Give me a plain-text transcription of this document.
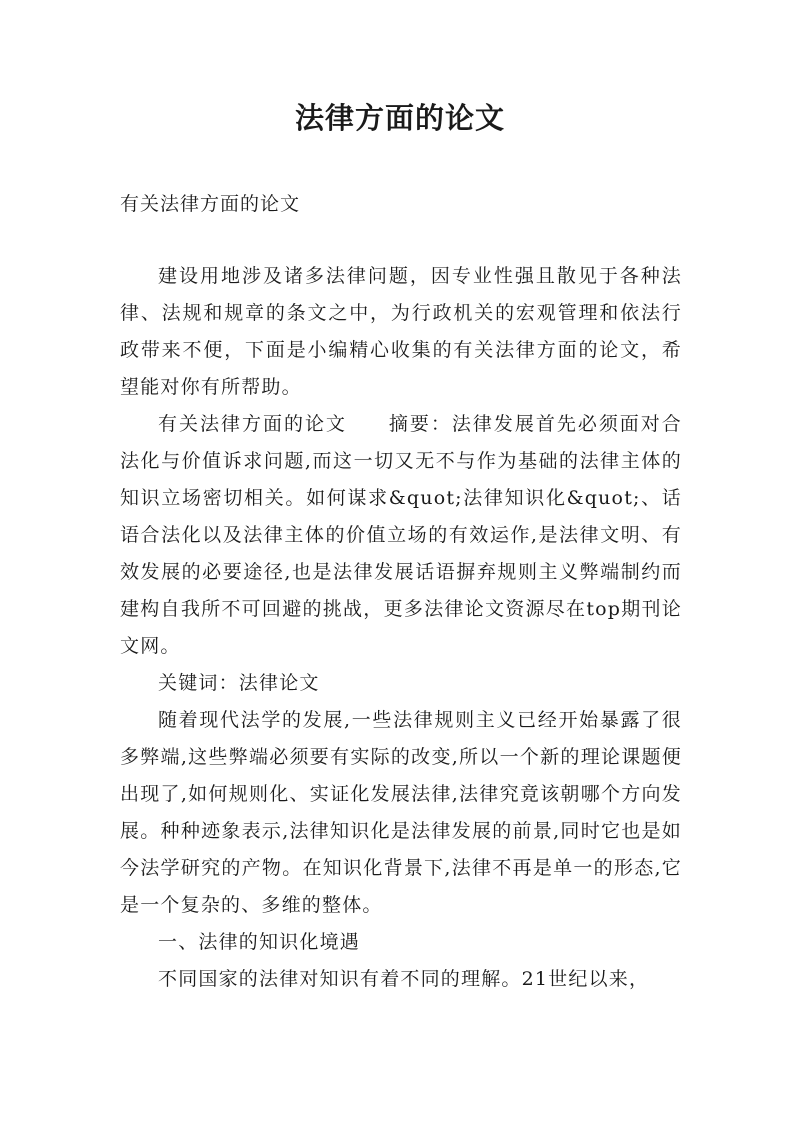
法律方面的论文
有关法律方面的论文

建设用地涉及诸多法律问题，因专业性强且散见于各种法律、法规和规章的条文之中，为行政机关的宏观管理和依法行政带来不便，下面是小编精心收集的有关法律方面的论文，希望能对你有所帮助。

有关法律方面的论文　　摘要：法律发展首先必须面对合法化与价值诉求问题,而这一切又无不与作为基础的法律主体的知识立场密切相关。如何谋求&quot;法律知识化&quot;、话语合法化以及法律主体的价值立场的有效运作,是法律文明、有效发展的必要途径,也是法律发展话语摒弃规则主义弊端制约而建构自我所不可回避的挑战，更多法律论文资源尽在top期刊论文网。

关键词：法律论文

随着现代法学的发展,一些法律规则主义已经开始暴露了很多弊端,这些弊端必须要有实际的改变,所以一个新的理论课题便出现了,如何规则化、实证化发展法律,法律究竟该朝哪个方向发展。种种迹象表示,法律知识化是法律发展的前景,同时它也是如今法学研究的产物。在知识化背景下,法律不再是单一的形态,它是一个复杂的、多维的整体。

一、法律的知识化境遇

不同国家的法律对知识有着不同的理解。21世纪以来，
